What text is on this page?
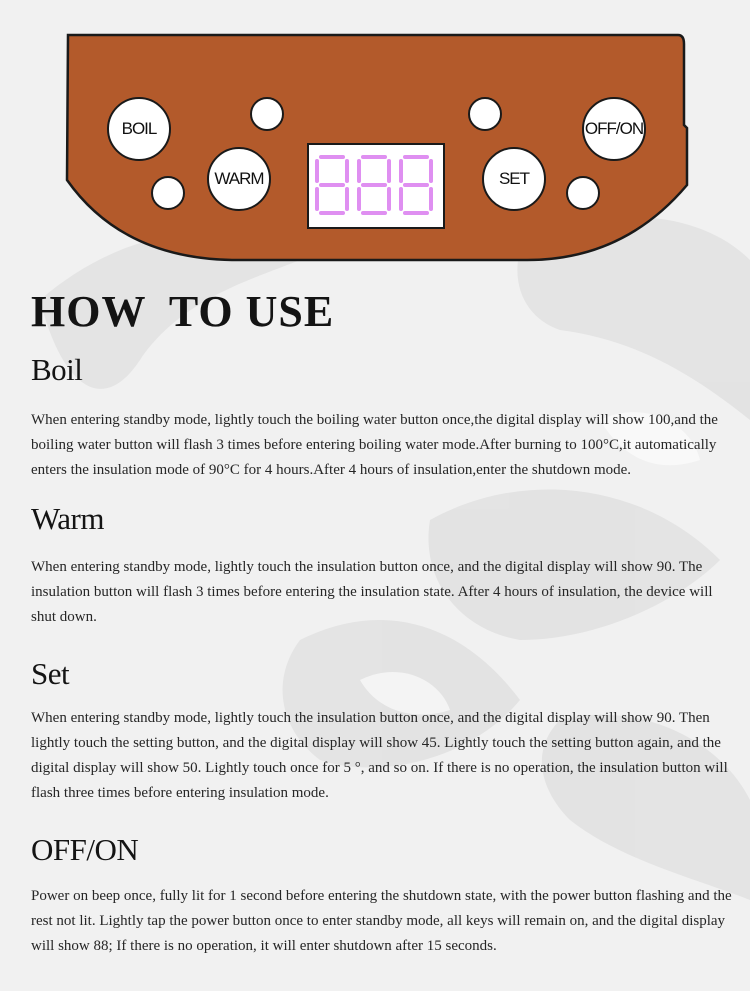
BOIL
WARM	SET
OFF/ON
HOW  TO USE
Boil

When entering standby mode, lightly touch the boiling water button once,the digital display will show 100,and the boiling water button will flash 3 times before entering boiling water mode.After burning to 100°C,it automatically enters the insulation mode of 90°C for 4 hours.After 4 hours of insulation,enter the shutdown mode.

Warm

When entering standby mode, lightly touch the insulation button once, and the digital display will show 90. The insulation button will flash 3 times before entering the insulation state. After 4 hours of insulation, the device will shut down.

Set

When entering standby mode, lightly touch the insulation button once, and the digital display will show 90. Then lightly touch the setting button, and the digital display will show 45. Lightly touch the setting button again, and the digital display will show 50. Lightly touch once for 5 °, and so on. If there is no operation, the insulation button will flash three times before entering insulation mode.

OFF/ON

Power on beep once, fully lit for 1 second before entering the shutdown state, with the power button flashing and the rest not lit. Lightly tap the power button once to enter standby mode, all keys will remain on, and the digital display will show 88; If there is no operation, it will enter shutdown after 15 seconds.
